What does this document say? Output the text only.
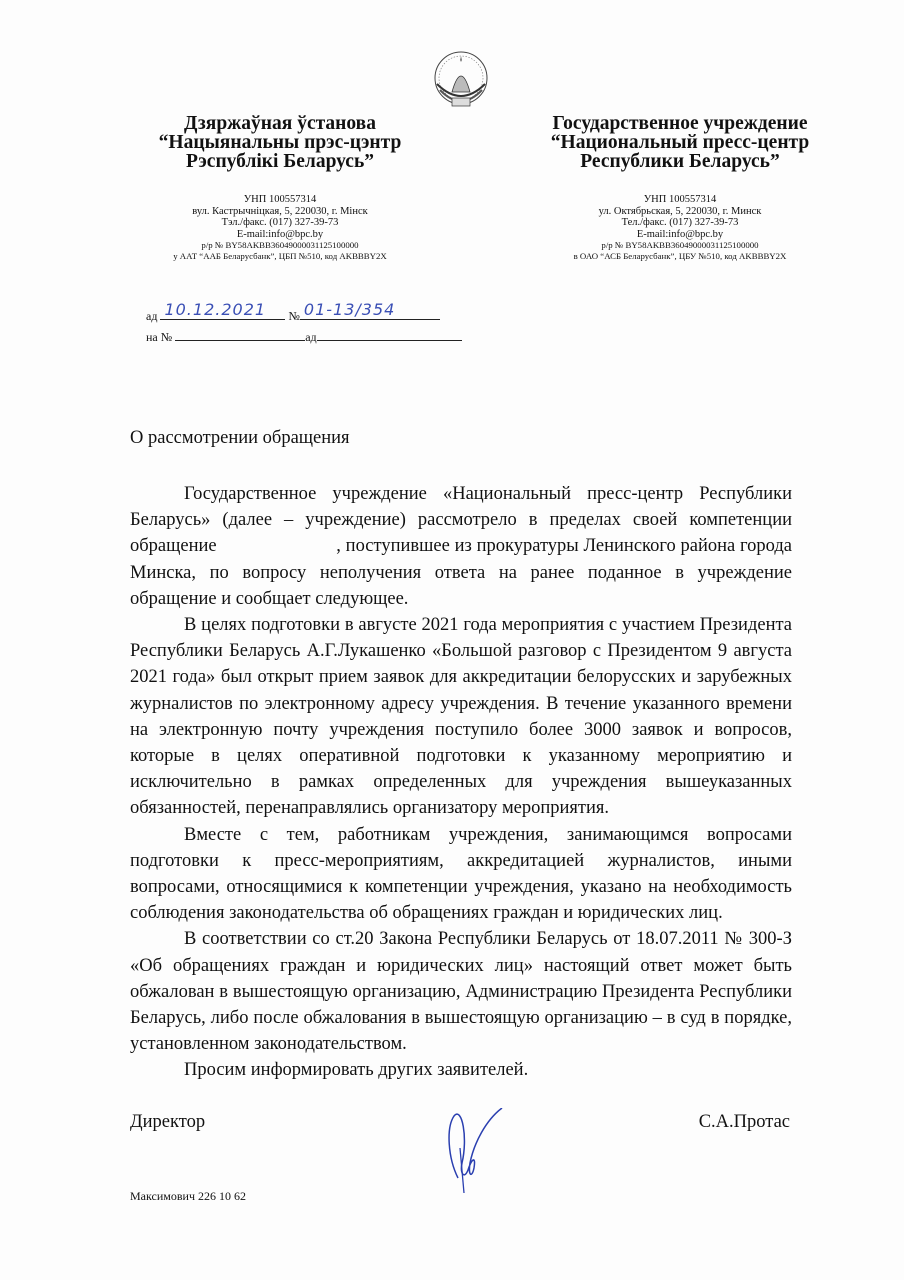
Дзяржаўная ўстанова
“Нацыянальны прэс-цэнтр
Рэспублікі Беларусь”
Государственное учреждение
“Национальный пресс-центр
Республики Беларусь”
УНП 100557314
вул. Кастрычніцкая, 5, 220030, г. Мінск
Тэл./факс. (017) 327-39-73
E-mail:info@bpc.by
р/р № BY58AKBB36049000031125100000
у ААТ “ААБ Беларусбанк”, ЦБП №510, код AKBBBY2X
УНП 100557314
ул. Октябрьская, 5, 220030, г. Минск
Тел./факс. (017) 327-39-73
E-mail:info@bpc.by
р/р № BY58AKBB36049000031125100000
в ОАО “АСБ Беларусбанк”, ЦБУ №510, код AKBBBY2X
ад 10.12.2021 № 01-13/354
на №	ад
О рассмотрении обращения

Государственное учреждение «Национальный пресс-центр Республики Беларусь» (далее – учреждение) рассмотрело в пределах своей компетенции обращение                         , поступившее из прокуратуры Ленинского района города Минска, по вопросу неполучения ответа на ранее поданное в учреждение обращение и сообщает следующее.

В целях подготовки в августе 2021 года мероприятия с участием Президента Республики Беларусь А.Г.Лукашенко «Большой разговор с Президентом 9 августа 2021 года» был открыт прием заявок для аккредитации белорусских и зарубежных журналистов по электронному адресу учреждения. В течение указанного времени на электронную почту учреждения поступило более 3000 заявок и вопросов, которые в целях оперативной подготовки к указанному мероприятию и исключительно в рамках определенных для учреждения вышеуказанных обязанностей, перенаправлялись организатору мероприятия.

Вместе с тем, работникам учреждения, занимающимся вопросами подготовки к пресс-мероприятиям, аккредитацией журналистов, иными вопросами, относящимися к компетенции учреждения, указано на необходимость соблюдения законодательства об обращениях граждан и юридических лиц.

В соответствии со ст.20 Закона Республики Беларусь от 18.07.2011 № 300-З «Об обращениях граждан и юридических лиц» настоящий ответ может быть обжалован в вышестоящую организацию, Администрацию Президента Республики Беларусь, либо после обжалования в вышестоящую организацию – в суд в порядке, установленном законодательством.

Просим информировать других заявителей.

Директор	С.А.Протас
Максимович 226 10 62
